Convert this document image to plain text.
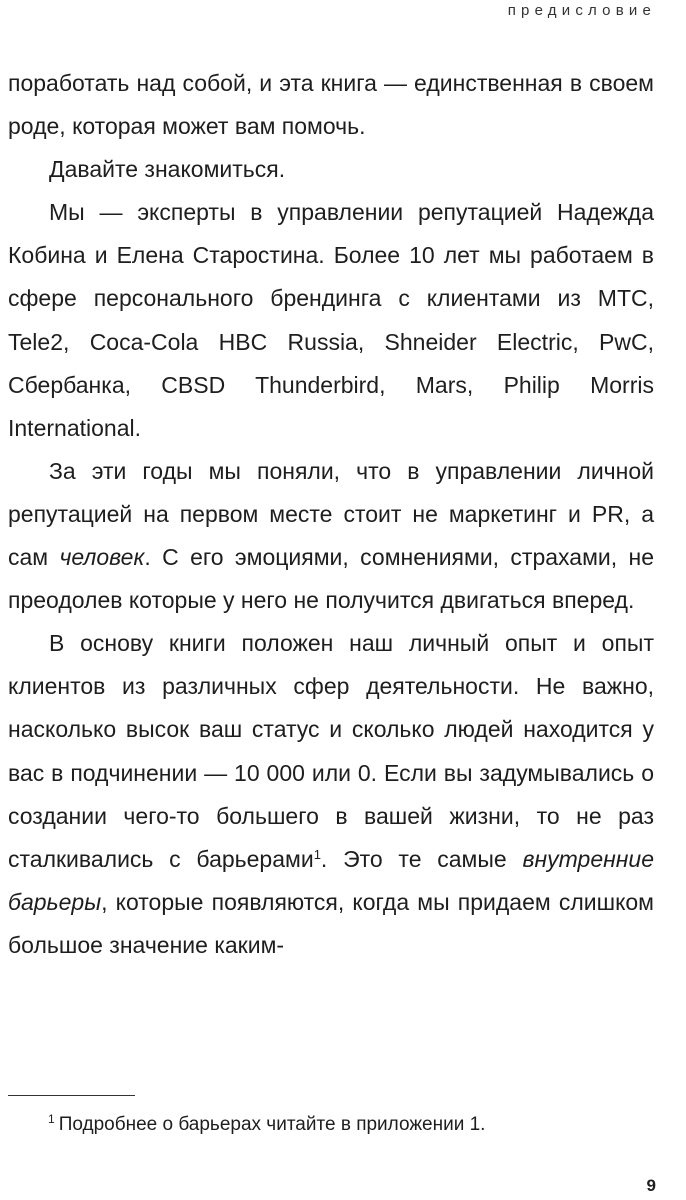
предисловие

поработать над собой, и эта книга — единственная в своем роде, которая может вам помочь.

Давайте знакомиться.

Мы — эксперты в управлении репутацией Надежда Кобина и Елена Старостина. Более 10 лет мы работаем в сфере персонального брендинга с клиентами из МТС, Tele2, Coca-Cola HBC Russia, Shneider Electric, PwC, Сбербанка, CBSD Thunderbird, Mars, Philip Morris International.

За эти годы мы поняли, что в управлении личной репутацией на первом месте стоит не маркетинг и PR, а сам человек. С его эмоциями, сомнениями, страхами, не преодолев которые у него не получится двигаться вперед.

В основу книги положен наш личный опыт и опыт клиентов из различных сфер деятельности. Не важно, насколько высок ваш статус и сколько людей находится у вас в подчинении — 10 000 или 0. Если вы задумывались о создании чего-то большего в вашей жизни, то не раз сталкивались с барьерами$^1$. Это те самые внутренние барьеры, которые появляются, когда мы придаем слишком большое значение каким-

$^1$ Подробнее о барьерах читайте в приложении 1.
9
